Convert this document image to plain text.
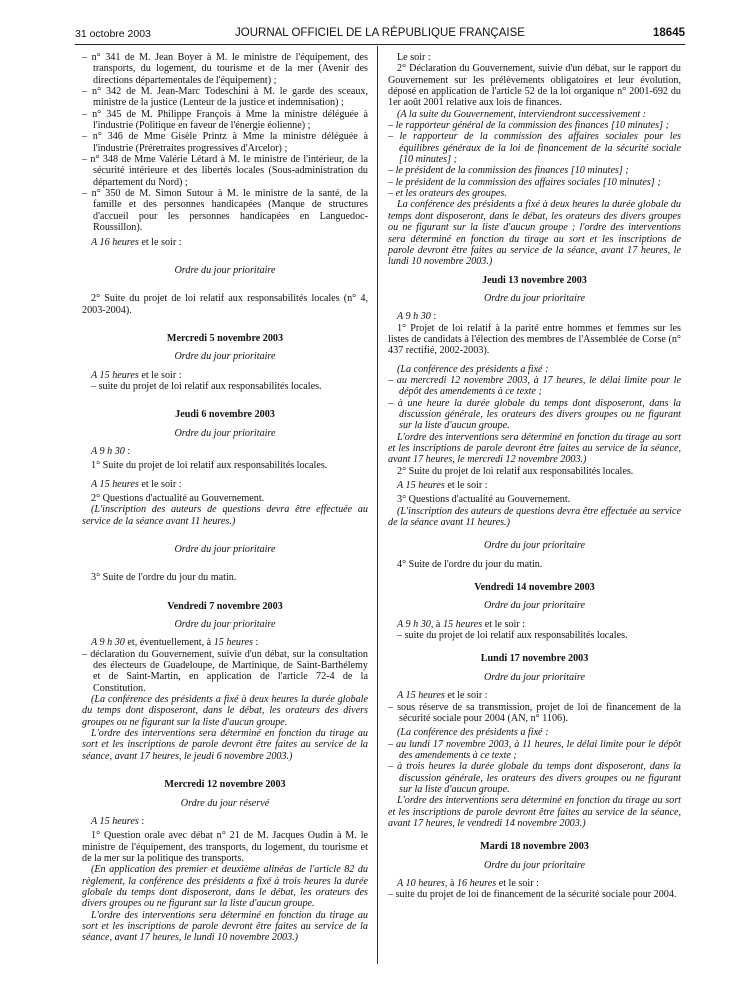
31 octobre 2003	JOURNAL OFFICIEL DE LA RÉPUBLIQUE FRANÇAISE	18645

– n° 341 de M. Jean Boyer à M. le ministre de l'équipement, des transports, du logement, du tourisme et de la mer (Avenir des directions départementales de l'équipement) ;

– n° 342 de M. Jean-Marc Todeschini à M. le garde des sceaux, ministre de la justice (Lenteur de la justice et indemnisation) ;

– n° 345 de M. Philippe François à Mme la ministre déléguée à l'industrie (Politique en faveur de l'énergie éolienne) ;

– n° 346 de Mme Gisèle Printz à Mme la ministre déléguée à l'industrie (Préretraites progressives d'Arcelor) ;

– n° 348 de Mme Valérie Létard à M. le ministre de l'intérieur, de la sécurité intérieure et des libertés locales (Sous-administration du département du Nord) ;

– n° 350 de M. Simon Sutour à M. le ministre de la santé, de la famille et des personnes handicapées (Manque de structures d'accueil pour les personnes handicapées en Languedoc-Roussillon).

A 16 heures et le soir :

Ordre du jour prioritaire

2° Suite du projet de loi relatif aux responsabilités locales (n° 4, 2003-2004).

Mercredi 5 novembre 2003

Ordre du jour prioritaire

A 15 heures et le soir :

– suite du projet de loi relatif aux responsabilités locales.

Jeudi 6 novembre 2003

Ordre du jour prioritaire

A 9 h 30 :

1° Suite du projet de loi relatif aux responsabilités locales.

A 15 heures et le soir :

2° Questions d'actualité au Gouvernement.

(L'inscription des auteurs de questions devra être effectuée au service de la séance avant 11 heures.)

Ordre du jour prioritaire

3° Suite de l'ordre du jour du matin.

Vendredi 7 novembre 2003

Ordre du jour prioritaire

A 9 h 30 et, éventuellement, à 15 heures :

– déclaration du Gouvernement, suivie d'un débat, sur la consultation des électeurs de Guadeloupe, de Martinique, de Saint-Barthélemy et de Saint-Martin, en application de l'article 72-4 de la Constitution.

(La conférence des présidents a fixé à deux heures la durée globale du temps dont disposeront, dans le débat, les orateurs des divers groupes ou ne figurant sur la liste d'aucun groupe.

L'ordre des interventions sera déterminé en fonction du tirage au sort et les inscriptions de parole devront être faites au service de la séance, avant 17 heures, le jeudi 6 novembre 2003.)

Mercredi 12 novembre 2003

Ordre du jour réservé

A 15 heures :

1° Question orale avec débat n° 21 de M. Jacques Oudin à M. le ministre de l'équipement, des transports, du logement, du tourisme et de la mer sur la politique des transports.

(En application des premier et deuxième alinéas de l'article 82 du règlement, la conférence des présidents a fixé à trois heures la durée globale du temps dont disposeront, dans le débat, les orateurs des divers groupes ou ne figurant sur la liste d'aucun groupe.

L'ordre des interventions sera déterminé en fonction du tirage au sort et les inscriptions de parole devront être faites au service de la séance, avant 17 heures, le lundi 10 novembre 2003.)

Le soir :

2° Déclaration du Gouvernement, suivie d'un débat, sur le rapport du Gouvernement sur les prélèvements obligatoires et leur évolution, déposé en application de l'article 52 de la loi organique n° 2001-692 du 1er août 2001 relative aux lois de finances.

(A la suite du Gouvernement, interviendront successivement :

– le rapporteur général de la commission des finances [10 minutes] ;

– le rapporteur de la commission des affaires sociales pour les équilibres généraux de la loi de financement de la sécurité sociale [10 minutes] ;

– le président de la commission des finances [10 minutes] ;

– le président de la commission des affaires sociales [10 minutes] ;

– et les orateurs des groupes.

La conférence des présidents a fixé à deux heures la durée globale du temps dont disposeront, dans le débat, les orateurs des divers groupes ou ne figurant sur la liste d'aucun groupe ; l'ordre des interventions sera déterminé en fonction du tirage au sort et les inscriptions de parole devront être faites au service de la séance, avant 17 heures, le lundi 10 novembre 2003.)

Jeudi 13 novembre 2003

Ordre du jour prioritaire

A 9 h 30 :

1° Projet de loi relatif à la parité entre hommes et femmes sur les listes de candidats à l'élection des membres de l'Assemblée de Corse (n° 437 rectifié, 2002-2003).

(La conférence des présidents a fixé :

– au mercredi 12 novembre 2003, à 17 heures, le délai limite pour le dépôt des amendements à ce texte ;

– à une heure la durée globale du temps dont disposeront, dans la discussion générale, les orateurs des divers groupes ou ne figurant sur la liste d'aucun groupe.

L'ordre des interventions sera déterminé en fonction du tirage au sort et les inscriptions de parole devront être faites au service de la séance, avant 17 heures, le mercredi 12 novembre 2003.)

2° Suite du projet de loi relatif aux responsabilités locales.

A 15 heures et le soir :

3° Questions d'actualité au Gouvernement.

(L'inscription des auteurs de questions devra être effectuée au service de la séance avant 11 heures.)

Ordre du jour prioritaire

4° Suite de l'ordre du jour du matin.

Vendredi 14 novembre 2003

Ordre du jour prioritaire

A 9 h 30, à 15 heures et le soir :

– suite du projet de loi relatif aux responsabilités locales.

Lundi 17 novembre 2003

Ordre du jour prioritaire

A 15 heures et le soir :

– sous réserve de sa transmission, projet de loi de financement de la sécurité sociale pour 2004 (AN, n° 1106).

(La conférence des présidents a fixé :

– au lundi 17 novembre 2003, à 11 heures, le délai limite pour le dépôt des amendements à ce texte ;

– à trois heures la durée globale du temps dont disposeront, dans la discussion générale, les orateurs des divers groupes ou ne figurant sur la liste d'aucun groupe.

L'ordre des interventions sera déterminé en fonction du tirage au sort et les inscriptions de parole devront être faites au service de la séance, avant 17 heures, le vendredi 14 novembre 2003.)

Mardi 18 novembre 2003

Ordre du jour prioritaire

A 10 heures, à 16 heures et le soir :

– suite du projet de loi de financement de la sécurité sociale pour 2004.
